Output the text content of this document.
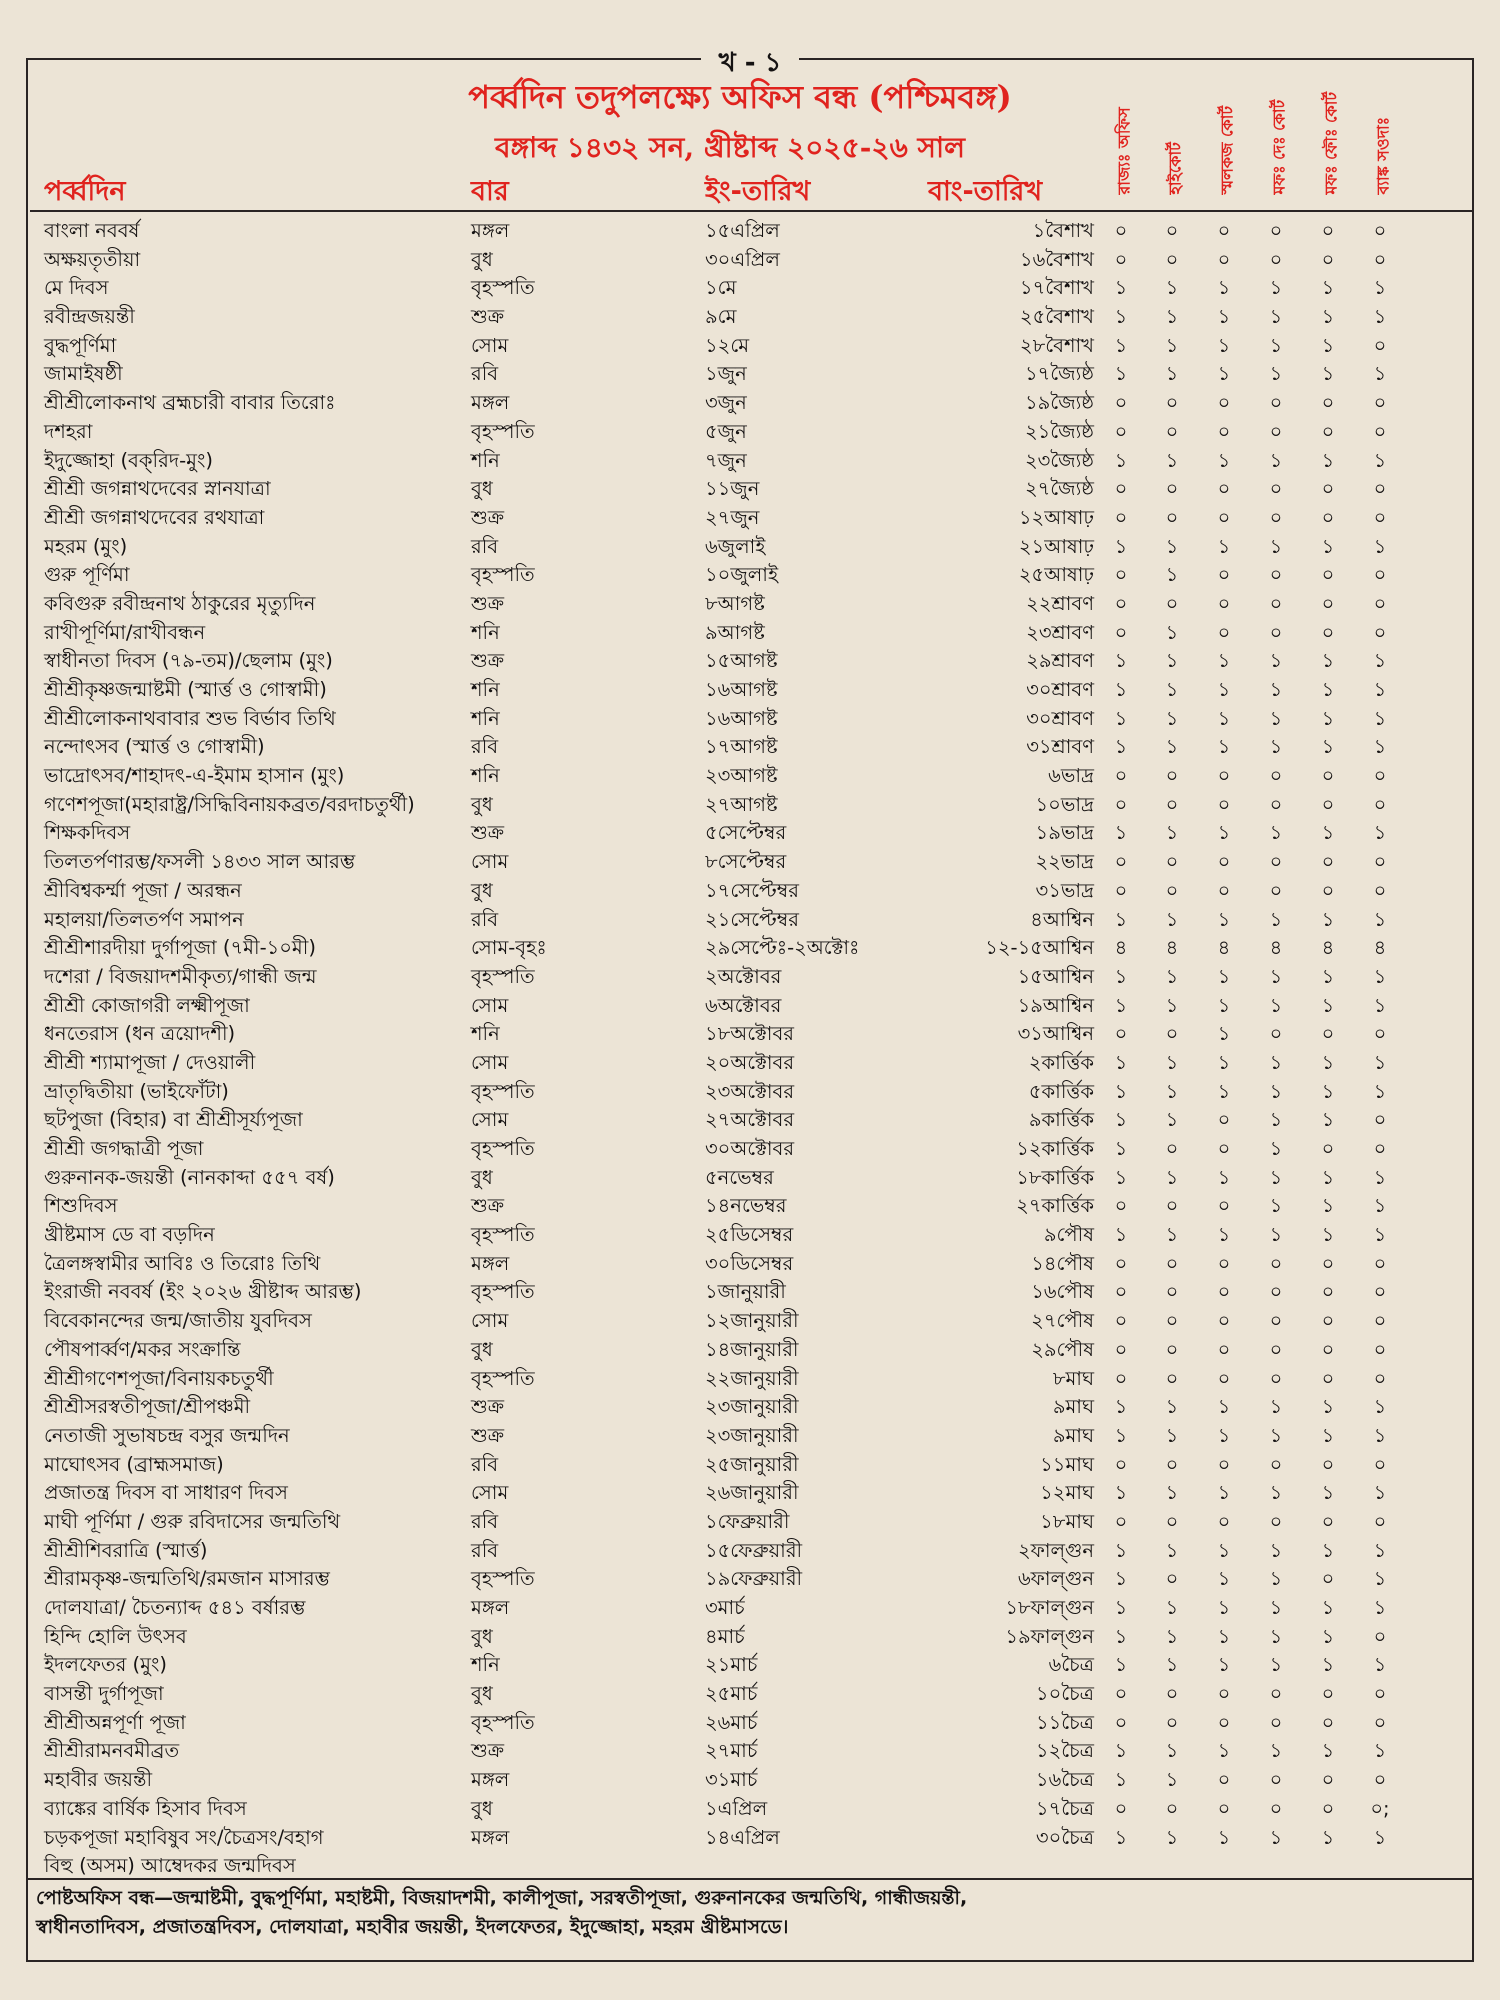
খ - ১
পর্ব্বদিন তদুপলক্ষ্যে অফিস বন্ধ (পশ্চিমবঙ্গ)
বঙ্গাব্দ ১৪৩২ সন, খ্রীষ্টাব্দ ২০২৫-২৬ সাল
পর্ব্বদিন	বার	ইং-তারিখ	বাং-তারিখ	রাজ্যঃ অফিস	হাইকোর্ট	স্মলকজ কোর্ট	মফঃ দেঃ কোর্ট	মফঃ ফৌঃ কোর্ট	ব্যাঙ্ক সওদাঃ
বাংলা নববর্ষ	মঙ্গল	১৫এপ্রিল	১বৈশাখ ০ ০ ০ ০ ০ ০
অক্ষয়তৃতীয়া	বুধ	৩০এপ্রিল	১৬বৈশাখ ০ ০ ০ ০ ০ ০
মে দিবস	বৃহস্পতি	১মে	১৭বৈশাখ ১ ১ ১ ১ ১ ১
রবীন্দ্রজয়ন্তী	শুক্র	৯মে	২৫বৈশাখ ১ ১ ১ ১ ১ ১
বুদ্ধপূর্ণিমা	সোম	১২মে	২৮বৈশাখ ১ ১ ১ ১ ১ ০
জামাইষষ্ঠী	রবি	১জুন	১৭জ্যৈষ্ঠ ১ ১ ১ ১ ১ ১
শ্রীশ্রীলোকনাথ ব্রহ্মচারী বাবার তিরোঃ	মঙ্গল	৩জুন	১৯জ্যৈষ্ঠ ০ ০ ০ ০ ০ ০
দশহরা	বৃহস্পতি	৫জুন	২১জ্যৈষ্ঠ ০ ০ ০ ০ ০ ০
ইদুজ্জোহা (বক্‌রিদ-মুং)	শনি	৭জুন	২৩জ্যৈষ্ঠ ১ ১ ১ ১ ১ ১
শ্রীশ্রী জগন্নাথদেবের স্নানযাত্রা	বুধ	১১জুন	২৭জ্যৈষ্ঠ ০ ০ ০ ০ ০ ০
শ্রীশ্রী জগন্নাথদেবের রথযাত্রা	শুক্র	২৭জুন	১২আষাঢ় ০ ০ ০ ০ ০ ০
মহরম (মুং)	রবি	৬জুলাই	২১আষাঢ় ১ ১ ১ ১ ১ ১
গুরু পূর্ণিমা	বৃহস্পতি	১০জুলাই	২৫আষাঢ় ০ ১ ০ ০ ০ ০
কবিগুরু রবীন্দ্রনাথ ঠাকুরের মৃত্যুদিন	শুক্র	৮আগষ্ট	২২শ্রাবণ ০ ০ ০ ০ ০ ০
রাখীপূর্ণিমা/রাখীবন্ধন	শনি	৯আগষ্ট	২৩শ্রাবণ ০ ১ ০ ০ ০ ০
স্বাধীনতা দিবস (৭৯-তম)/ছেলাম (মুং)	শুক্র	১৫আগষ্ট	২৯শ্রাবণ ১ ১ ১ ১ ১ ১
শ্রীশ্রীকৃষ্ণজন্মাষ্টমী (স্মার্ত্ত ও গোস্বামী)	শনি	১৬আগষ্ট	৩০শ্রাবণ ১ ১ ১ ১ ১ ১
শ্রীশ্রীলোকনাথবাবার শুভ বির্ভাব তিথি	শনি	১৬আগষ্ট	৩০শ্রাবণ ১ ১ ১ ১ ১ ১
নন্দোৎসব (স্মার্ত্ত ও গোস্বামী)	রবি	১৭আগষ্ট	৩১শ্রাবণ ১ ১ ১ ১ ১ ১
ভাদ্রোৎসব/শাহাদৎ-এ-ইমাম হাসান (মুং)	শনি	২৩আগষ্ট	৬ভাদ্র ০ ০ ০ ০ ০ ০
গণেশপূজা(মহারাষ্ট্র/সিদ্ধিবিনায়কব্রত/বরদাচতুর্থী)	বুধ	২৭আগষ্ট	১০ভাদ্র ০ ০ ০ ০ ০ ০
শিক্ষকদিবস	শুক্র	৫সেপ্টেম্বর	১৯ভাদ্র ১ ১ ১ ১ ১ ১
তিলতর্পণারম্ভ/ফসলী ১৪৩৩ সাল আরম্ভ	সোম	৮সেপ্টেম্বর	২২ভাদ্র ০ ০ ০ ০ ০ ০
শ্রীবিশ্বকর্ম্মা পূজা / অরন্ধন	বুধ	১৭সেপ্টেম্বর	৩১ভাদ্র ০ ০ ০ ০ ০ ০
মহালয়া/তিলতর্পণ সমাপন	রবি	২১সেপ্টেম্বর	৪আশ্বিন ১ ১ ১ ১ ১ ১
শ্রীশ্রীশারদীয়া দুর্গাপূজা (৭মী-১০মী)	সোম-বৃহঃ	২৯সেপ্টেঃ-২অক্টোঃ	১২-১৫আশ্বিন ৪ ৪ ৪ ৪ ৪ ৪
দশেরা / বিজয়াদশমীকৃত্য/গান্ধী জন্ম	বৃহস্পতি	২অক্টোবর	১৫আশ্বিন ১ ১ ১ ১ ১ ১
শ্রীশ্রী কোজাগরী লক্ষ্মীপূজা	সোম	৬অক্টোবর	১৯আশ্বিন ১ ১ ১ ১ ১ ১
ধনতেরাস (ধন ত্রয়োদশী)	শনি	১৮অক্টোবর	৩১আশ্বিন ০ ০ ১ ০ ০ ০
শ্রীশ্রী শ্যামাপূজা / দেওয়ালী	সোম	২০অক্টোবর	২কার্ত্তিক ১ ১ ১ ১ ১ ১
ভ্রাতৃদ্বিতীয়া (ভাইফোঁটা)	বৃহস্পতি	২৩অক্টোবর	৫কার্ত্তিক ১ ১ ১ ১ ১ ১
ছটপুজা (বিহার) বা শ্রীশ্রীসূর্য্যপূজা	সোম	২৭অক্টোবর	৯কার্ত্তিক ১ ১ ০ ১ ১ ০
শ্রীশ্রী জগদ্ধাত্রী পূজা	বৃহস্পতি	৩০অক্টোবর	১২কার্ত্তিক ১ ০ ০ ১ ০ ০
গুরুনানক-জয়ন্তী (নানকাব্দা ৫৫৭ বর্ষ)	বুধ	৫নভেম্বর	১৮কার্ত্তিক ১ ১ ১ ১ ১ ১
শিশুদিবস	শুক্র	১৪নভেম্বর	২৭কার্ত্তিক ০ ০ ০ ১ ১ ১
খ্রীষ্টমাস ডে বা বড়দিন	বৃহস্পতি	২৫ডিসেম্বর	৯পৌষ ১ ১ ১ ১ ১ ১
ত্রৈলঙ্গস্বামীর আবিঃ ও তিরোঃ তিথি	মঙ্গল	৩০ডিসেম্বর	১৪পৌষ ০ ০ ০ ০ ০ ০
ইংরাজী নববর্ষ (ইং ২০২৬ খ্রীষ্টাব্দ আরম্ভ)	বৃহস্পতি	১জানুয়ারী	১৬পৌষ ০ ০ ০ ০ ০ ০
বিবেকানন্দের জন্ম/জাতীয় যুবদিবস	সোম	১২জানুয়ারী	২৭পৌষ ০ ০ ০ ০ ০ ০
পৌষপার্ব্বণ/মকর সংক্রান্তি	বুধ	১৪জানুয়ারী	২৯পৌষ ০ ০ ০ ০ ০ ০
শ্রীশ্রীগণেশপূজা/বিনায়কচতুর্থী	বৃহস্পতি	২২জানুয়ারী	৮মাঘ ০ ০ ০ ০ ০ ০
শ্রীশ্রীসরস্বতীপূজা/শ্রীপঞ্চমী	শুক্র	২৩জানুয়ারী	৯মাঘ ১ ১ ১ ১ ১ ১
নেতাজী সুভাষচন্দ্র বসুর জন্মদিন	শুক্র	২৩জানুয়ারী	৯মাঘ ১ ১ ১ ১ ১ ১
মাঘোৎসব (ব্রাহ্মসমাজ)	রবি	২৫জানুয়ারী	১১মাঘ ০ ০ ০ ০ ০ ০
প্রজাতন্ত্র দিবস বা সাধারণ দিবস	সোম	২৬জানুয়ারী	১২মাঘ ১ ১ ১ ১ ১ ১
মাঘী পূর্ণিমা / গুরু রবিদাসের জন্মতিথি	রবি	১ফেব্রুয়ারী	১৮মাঘ ০ ০ ০ ০ ০ ০
শ্রীশ্রীশিবরাত্রি (স্মার্ত্ত)	রবি	১৫ফেব্রুয়ারী	২ফাল্গুন ১ ১ ১ ১ ১ ১
শ্রীরামকৃষ্ণ-জন্মতিথি/রমজান মাসারম্ভ	বৃহস্পতি	১৯ফেব্রুয়ারী	৬ফাল্গুন ১ ০ ১ ১ ০ ১
দোলযাত্রা/ চৈতন্যাব্দ ৫৪১ বর্ষারম্ভ	মঙ্গল	৩মার্চ	১৮ফাল্গুন ১ ১ ১ ১ ১ ১
হিন্দি হোলি উৎসব	বুধ	৪মার্চ	১৯ফাল্গুন ১ ১ ১ ১ ১ ০
ইদলফেতর (মুং)	শনি	২১মার্চ	৬চৈত্র ১ ১ ১ ১ ১ ১
বাসন্তী দুর্গাপূজা	বুধ	২৫মার্চ	১০চৈত্র ০ ০ ০ ০ ০ ০
শ্রীশ্রীঅন্নপূর্ণা পূজা	বৃহস্পতি	২৬মার্চ	১১চৈত্র ০ ০ ০ ০ ০ ০
শ্রীশ্রীরামনবমীব্রত	শুক্র	২৭মার্চ	১২চৈত্র ১ ১ ১ ১ ১ ১
মহাবীর জয়ন্তী	মঙ্গল	৩১মার্চ	১৬চৈত্র ১ ১ ০ ০ ০ ০
ব্যাঙ্কের বার্ষিক হিসাব দিবস	বুধ	১এপ্রিল	১৭চৈত্র ০ ০ ০ ০ ০ ০;
চড়কপূজা মহাবিষুব সং/চৈত্রসং/বহাগ	মঙ্গল	১৪এপ্রিল	৩০চৈত্র ১ ১ ১ ১ ১ ১
বিহু (অসম) আম্বেদকর জন্মদিবস
পোষ্টঅফিস বন্ধ—জন্মাষ্টমী, বুদ্ধপূর্ণিমা, মহাষ্টমী, বিজয়াদশমী, কালীপূজা, সরস্বতীপূজা, গুরুনানকের জন্মতিথি, গান্ধীজয়ন্তী,
স্বাধীনতাদিবস, প্রজাতন্ত্রদিবস, দোলযাত্রা, মহাবীর জয়ন্তী, ইদলফেতর, ইদুজ্জোহা, মহরম খ্রীষ্টমাসডে।
